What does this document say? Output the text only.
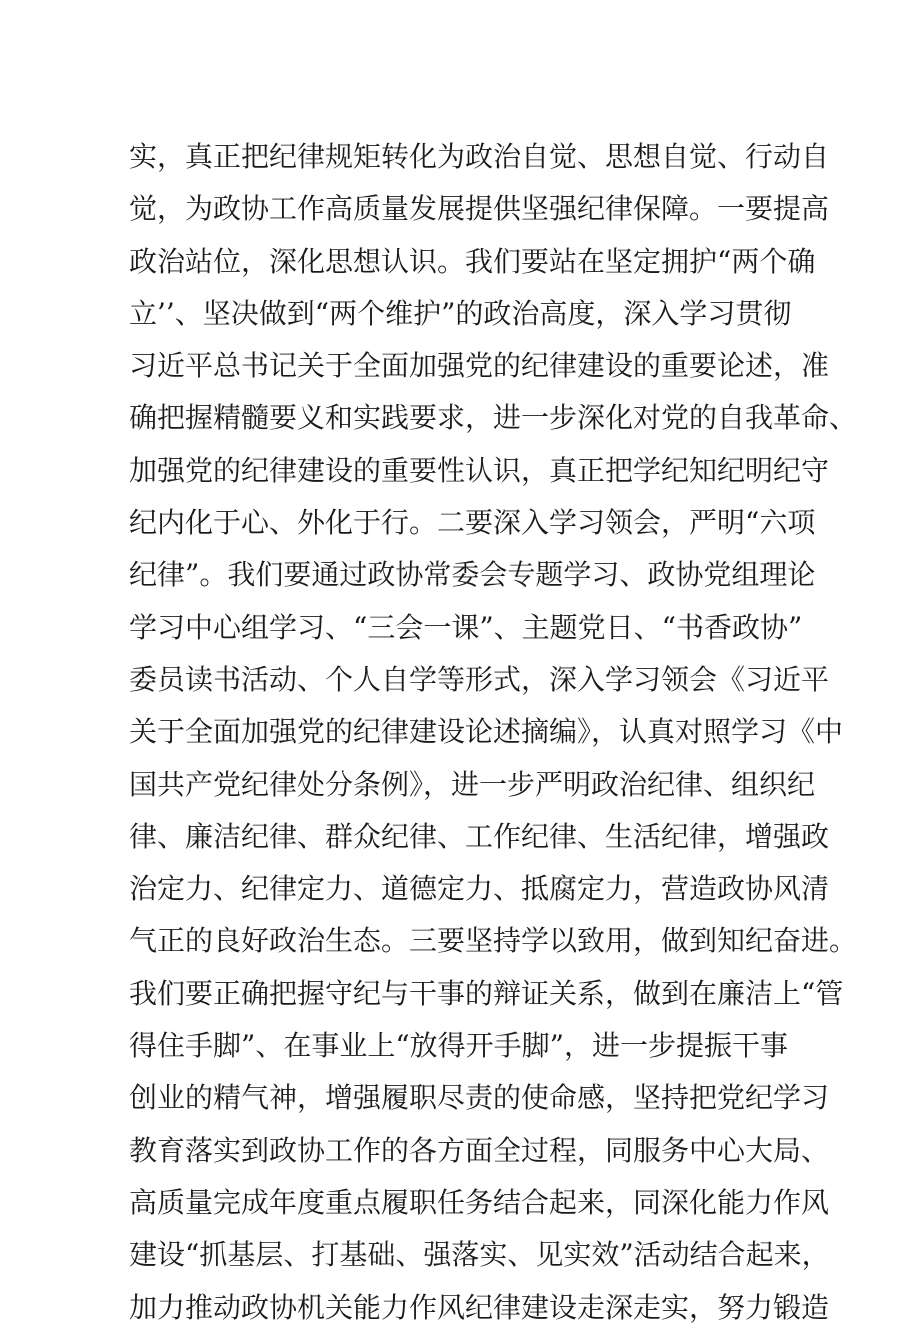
实，真正把纪律规矩转化为政治自觉、思想自觉、行动自
觉，为政协工作高质量发展提供坚强纪律保障。一要提高
政治站位，深化思想认识。我们要站在坚定拥护“两个确
立’’、坚决做到“两个维护”的政治高度，深入学习贯彻
习近平总书记关于全面加强党的纪律建设的重要论述，准
确把握精髓要义和实践要求，进一步深化对党的自我革命、
加强党的纪律建设的重要性认识，真正把学纪知纪明纪守
纪内化于心、外化于行。二要深入学习领会，严明“六项
纪律”。我们要通过政协常委会专题学习、政协党组理论
学习中心组学习、“三会一课”、主题党日、“书香政协”
委员读书活动、个人自学等形式，深入学习领会《习近平
关于全面加强党的纪律建设论述摘编》，认真对照学习《中
国共产党纪律处分条例》，进一步严明政治纪律、组织纪
律、廉洁纪律、群众纪律、工作纪律、生活纪律，增强政
治定力、纪律定力、道德定力、抵腐定力，营造政协风清
气正的良好政治生态。三要坚持学以致用，做到知纪奋进。
我们要正确把握守纪与干事的辩证关系，做到在廉洁上“管
得住手脚”、在事业上“放得开手脚”，进一步提振干事
创业的精气神，增强履职尽责的使命感，坚持把党纪学习
教育落实到政协工作的各方面全过程，同服务中心大局、
高质量完成年度重点履职任务结合起来，同深化能力作风
建设“抓基层、打基础、强落实、见实效”活动结合起来，
加力推动政协机关能力作风纪律建设走深走实，努力锻造
